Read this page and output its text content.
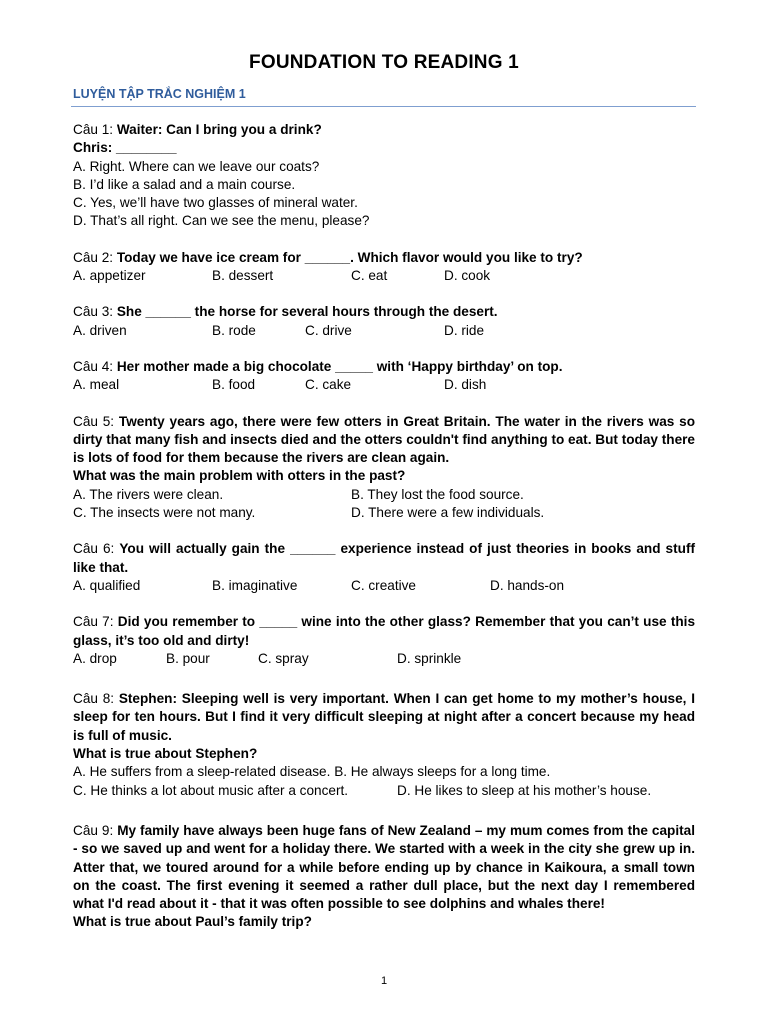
FOUNDATION TO READING 1
LUYỆN TẬP TRẮC NGHIỆM 1
Câu 1: Waiter: Can I bring you a drink?
Chris: ________
A. Right. Where can we leave our coats?
B. I’d like a salad and a main course.
C. Yes, we’ll have two glasses of mineral water.
D. That’s all right. Can we see the menu, please?
Câu 2: Today we have ice cream for ______. Which flavor would you like to try?
A. appetizer	B. dessert	C. eat	D. cook
Câu 3: She ______ the horse for several hours through the desert.
A. driven	B. rode	C. drive	D. ride
Câu 4: Her mother made a big chocolate _____ with ‘Happy birthday’ on top.
A. meal	B. food	C. cake	D. dish
Câu 5: Twenty years ago, there were few otters in Great Britain. The water in the rivers was so dirty that many fish and insects died and the otters couldn't find anything to eat. But today there is lots of food for them because the rivers are clean again.
What was the main problem with otters in the past?
A. The rivers were clean.	B. They lost the food source.
C. The insects were not many.	D. There were a few individuals.
Câu 6: You will actually gain the ______ experience instead of just theories in books and stuff like that.
A. qualified	B. imaginative	C. creative	D. hands-on
Câu 7: Did you remember to _____ wine into the other glass? Remember that you can’t use this glass, it’s too old and dirty!
A. drop	B. pour	C. spray	D. sprinkle
Câu 8: Stephen: Sleeping well is very important. When I can get home to my mother’s house, I sleep for ten hours. But I find it very difficult sleeping at night after a concert because my head is full of music.
What is true about Stephen?
A. He suffers from a sleep-related disease. B. He always sleeps for a long time.
C. He thinks a lot about music after a concert.	D. He likes to sleep at his mother’s house.
Câu 9: My family have always been huge fans of New Zealand – my mum comes from the capital - so we saved up and went for a holiday there. We started with a week in the city she grew up in. Atter that, we toured around for a while before ending up by chance in Kaikoura, a small town on the coast. The first evening it seemed a rather dull place, but the next day I remembered what I'd read about it - that it was often possible to see dolphins and whales there!
What is true about Paul’s family trip?
1
